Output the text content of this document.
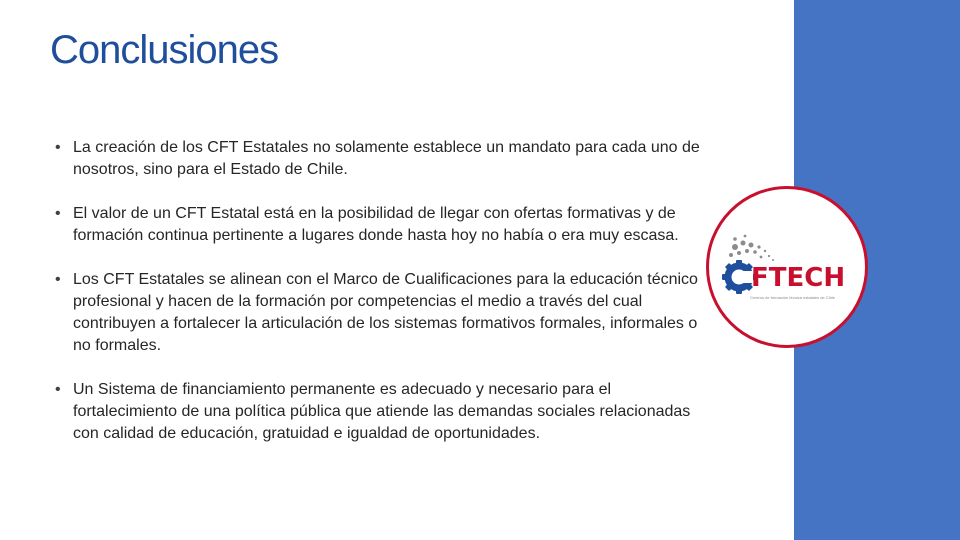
Conclusiones
• La creación de los CFT Estatales no solamente establece un mandato para cada uno de nosotros, sino para el Estado de Chile.
• El valor de un CFT Estatal está en la posibilidad de llegar con ofertas formativas y de formación continua pertinente a lugares donde hasta hoy no había o era muy escasa.
• Los CFT Estatales se alinean con el Marco de Cualificaciones para la educación técnico profesional y hacen de la formación por competencias el medio a través del cual contribuyen a fortalecer la articulación de los sistemas formativos formales, informales o no formales.
• Un Sistema de financiamiento permanente es adecuado y necesario para el fortalecimiento de una política pública que atiende las demandas sociales relacionadas con calidad de educación, gratuidad e igualdad de oportunidades.
FTECH
Centros de formación técnica estatales de Chile
